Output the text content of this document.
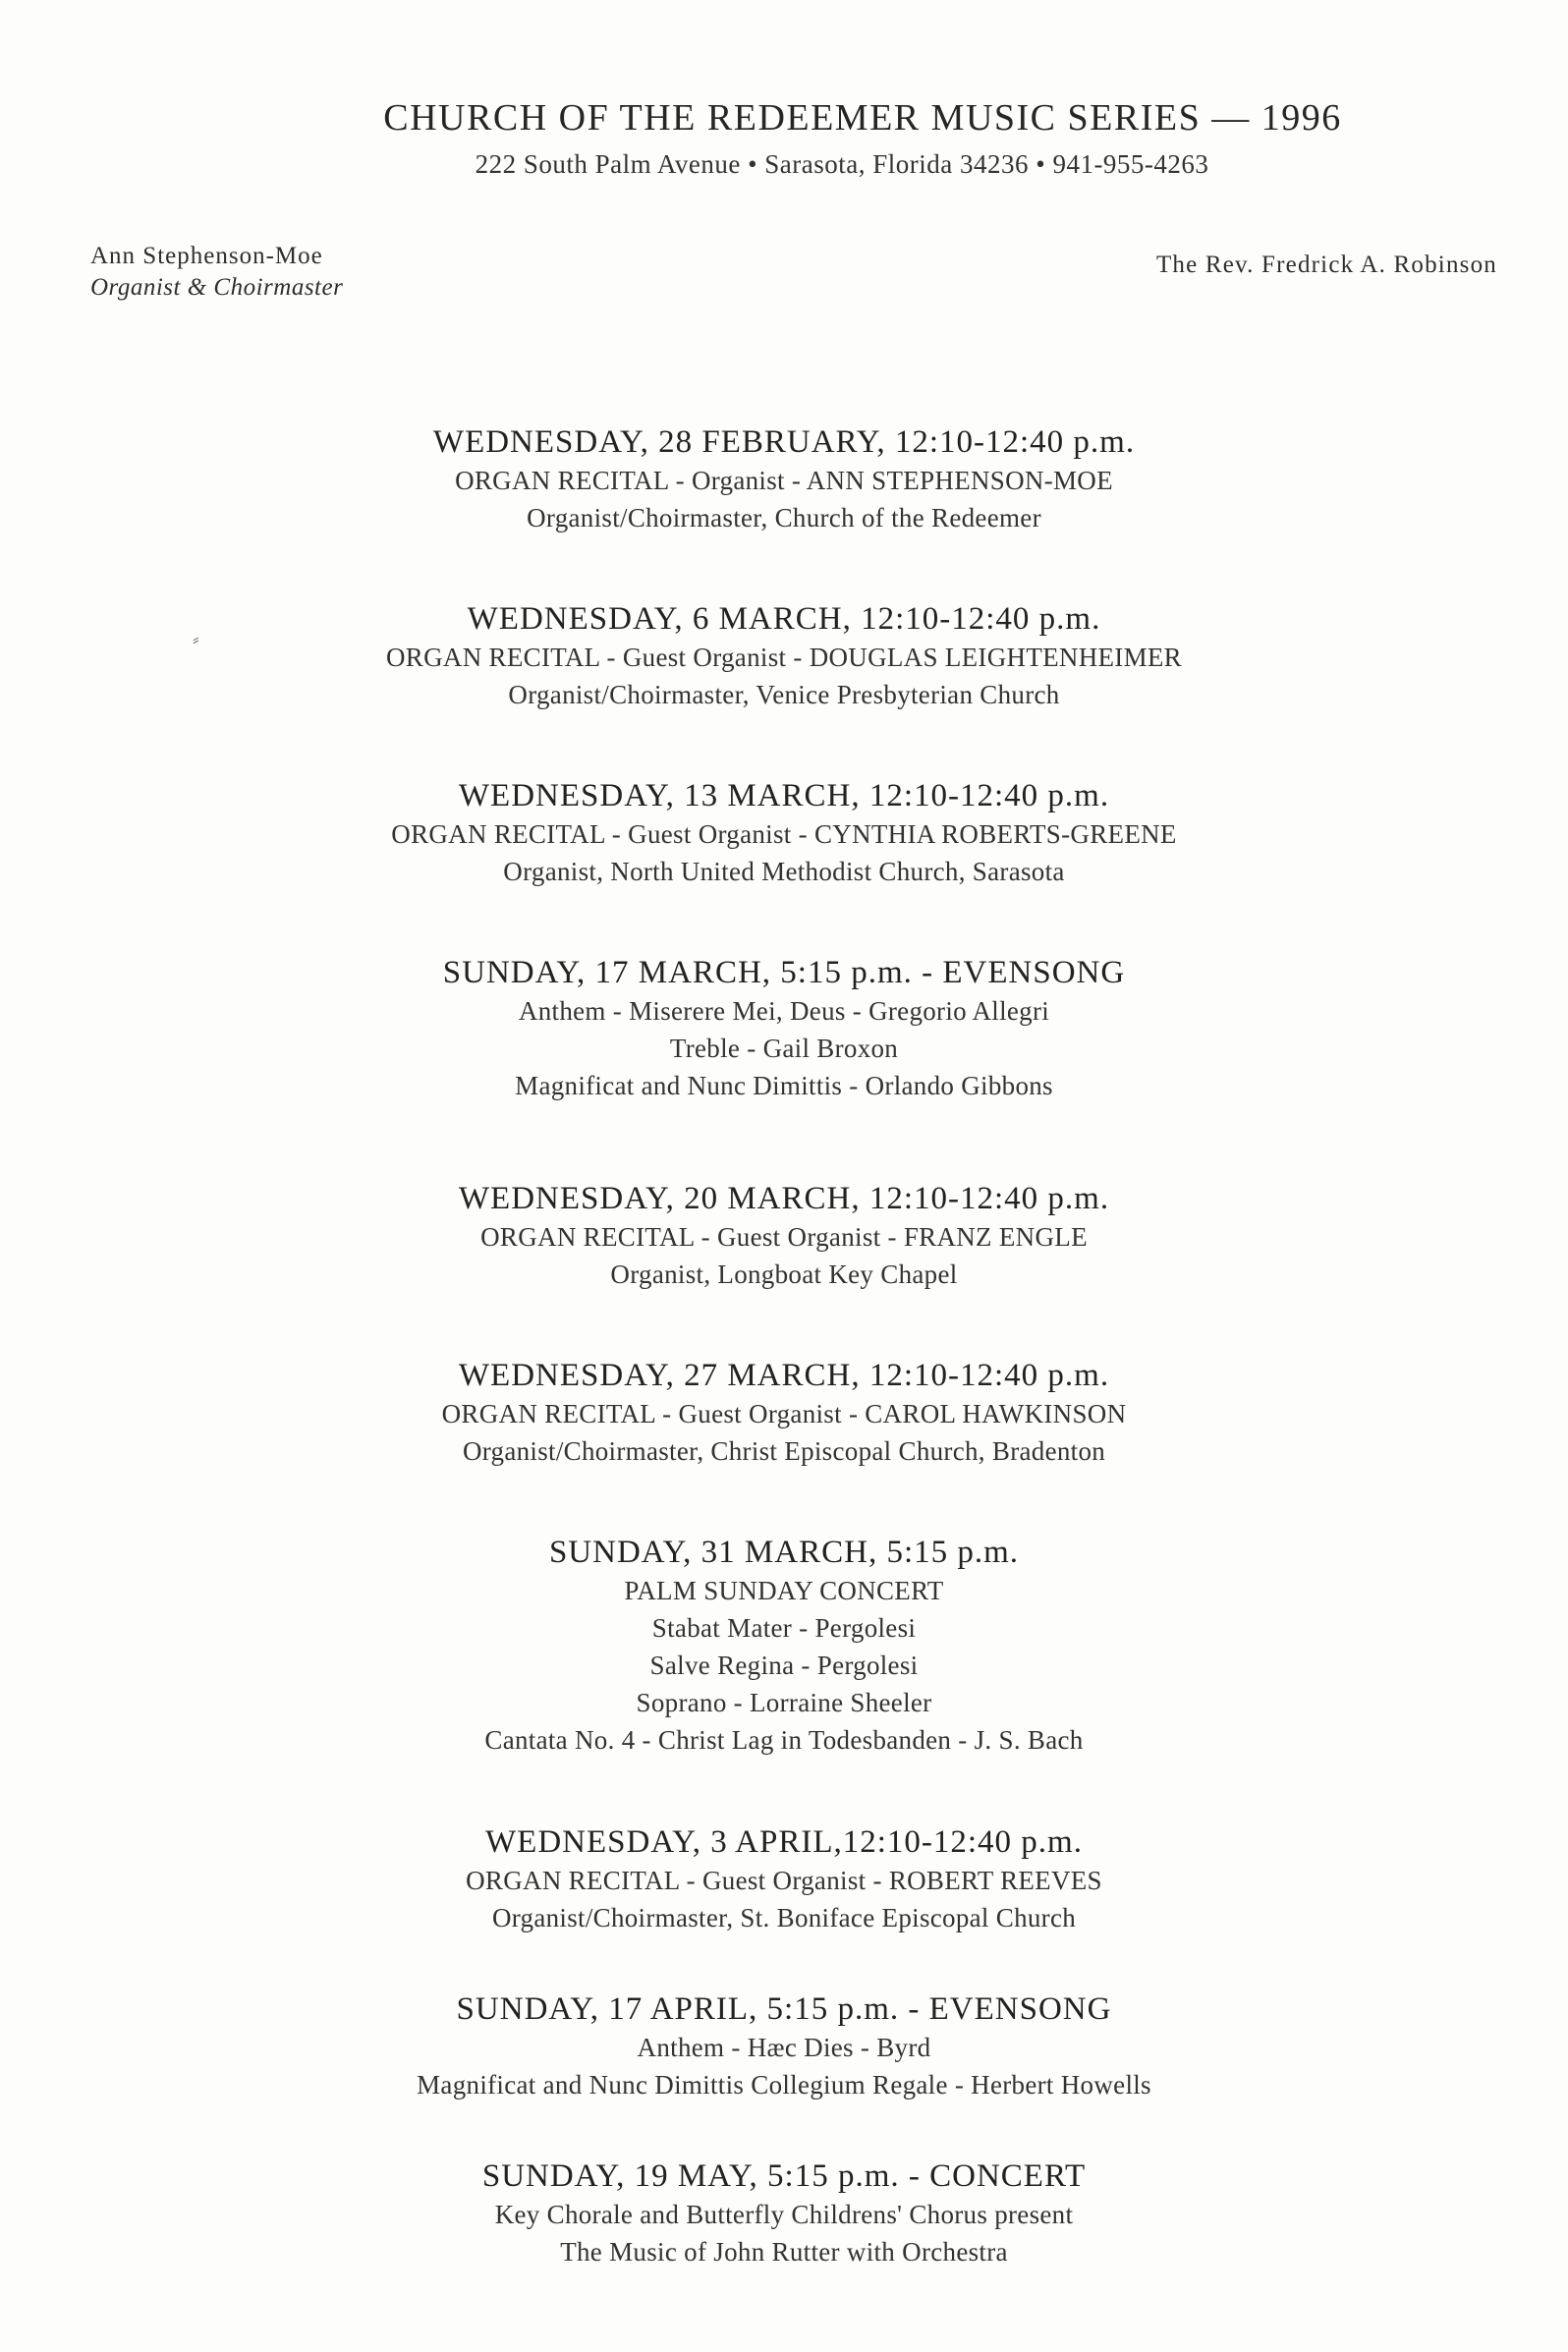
CHURCH OF THE REDEEMER MUSIC SERIES — 1996
222 South Palm Avenue • Sarasota, Florida 34236 • 941-955-4263
Ann Stephenson-Moe
Organist & Choirmaster
The Rev. Fredrick A. Robinson
⸗
WEDNESDAY, 28 FEBRUARY, 12:10-12:40 p.m.
ORGAN RECITAL - Organist - ANN STEPHENSON-MOE
Organist/Choirmaster, Church of the Redeemer
WEDNESDAY, 6 MARCH, 12:10-12:40 p.m.
ORGAN RECITAL - Guest Organist - DOUGLAS LEIGHTENHEIMER
Organist/Choirmaster, Venice Presbyterian Church
WEDNESDAY, 13 MARCH, 12:10-12:40 p.m.
ORGAN RECITAL - Guest Organist - CYNTHIA ROBERTS-GREENE
Organist, North United Methodist Church, Sarasota
SUNDAY, 17 MARCH, 5:15 p.m. - EVENSONG
Anthem - Miserere Mei, Deus - Gregorio Allegri
Treble - Gail Broxon
Magnificat and Nunc Dimittis - Orlando Gibbons
WEDNESDAY, 20 MARCH, 12:10-12:40 p.m.
ORGAN RECITAL - Guest Organist - FRANZ ENGLE
Organist, Longboat Key Chapel
WEDNESDAY, 27 MARCH, 12:10-12:40 p.m.
ORGAN RECITAL - Guest Organist - CAROL HAWKINSON
Organist/Choirmaster, Christ Episcopal Church, Bradenton
SUNDAY, 31 MARCH, 5:15 p.m.
PALM SUNDAY CONCERT
Stabat Mater - Pergolesi
Salve Regina - Pergolesi
Soprano - Lorraine Sheeler
Cantata No. 4 - Christ Lag in Todesbanden - J. S. Bach
WEDNESDAY, 3 APRIL,12:10-12:40 p.m.
ORGAN RECITAL - Guest Organist - ROBERT REEVES
Organist/Choirmaster, St. Boniface Episcopal Church
SUNDAY, 17 APRIL, 5:15 p.m. - EVENSONG
Anthem - Hæc Dies - Byrd
Magnificat and Nunc Dimittis Collegium Regale - Herbert Howells
SUNDAY, 19 MAY, 5:15 p.m. - CONCERT
Key Chorale and Butterfly Childrens' Chorus present
The Music of John Rutter with Orchestra
